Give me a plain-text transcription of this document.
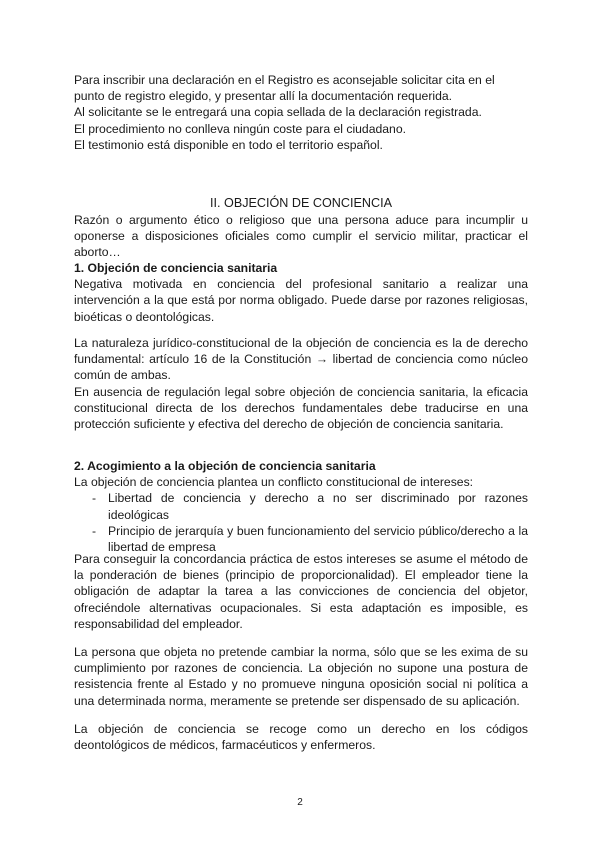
Para inscribir una declaración en el Registro es aconsejable solicitar cita en el punto de registro elegido, y presentar allí la documentación requerida.

Al solicitante se le entregará una copia sellada de la declaración registrada.

El procedimiento no conlleva ningún coste para el ciudadano.

El testimonio está disponible en todo el territorio español.

II. OBJECIÓN DE CONCIENCIA
Razón o argumento ético o religioso que una persona aduce para incumplir u oponerse a disposiciones oficiales como cumplir el servicio militar, practicar el aborto…

1. Objeción de conciencia sanitaria

Negativa motivada en conciencia del profesional sanitario a realizar una intervención a la que está por norma obligado. Puede darse por razones religiosas, bioéticas o deontológicas.

La naturaleza jurídico-constitucional de la objeción de conciencia es la de derecho fundamental: artículo 16 de la Constitución → libertad de conciencia como núcleo común de ambas.

En ausencia de regulación legal sobre objeción de conciencia sanitaria, la eficacia constitucional directa de los derechos fundamentales debe traducirse en una protección suficiente y efectiva del derecho de objeción de conciencia sanitaria.

2. Acogimiento a la objeción de conciencia sanitaria

La objeción de conciencia plantea un conflicto constitucional de intereses:

- Libertad de conciencia y derecho a no ser discriminado por razones ideológicas
- Principio de jerarquía y buen funcionamiento del servicio público/derecho a la libertad de empresa

Para conseguir la concordancia práctica de estos intereses se asume el método de la ponderación de bienes (principio de proporcionalidad). El empleador tiene la obligación de adaptar la tarea a las convicciones de conciencia del objetor, ofreciéndole alternativas ocupacionales. Si esta adaptación es imposible, es responsabilidad del empleador.

La persona que objeta no pretende cambiar la norma, sólo que se les exima de su cumplimiento por razones de conciencia. La objeción no supone una postura de resistencia frente al Estado y no promueve ninguna oposición social ni política a una determinada norma, meramente se pretende ser dispensado de su aplicación.

La objeción de conciencia se recoge como un derecho en los códigos deontológicos de médicos, farmacéuticos y enfermeros.

2
